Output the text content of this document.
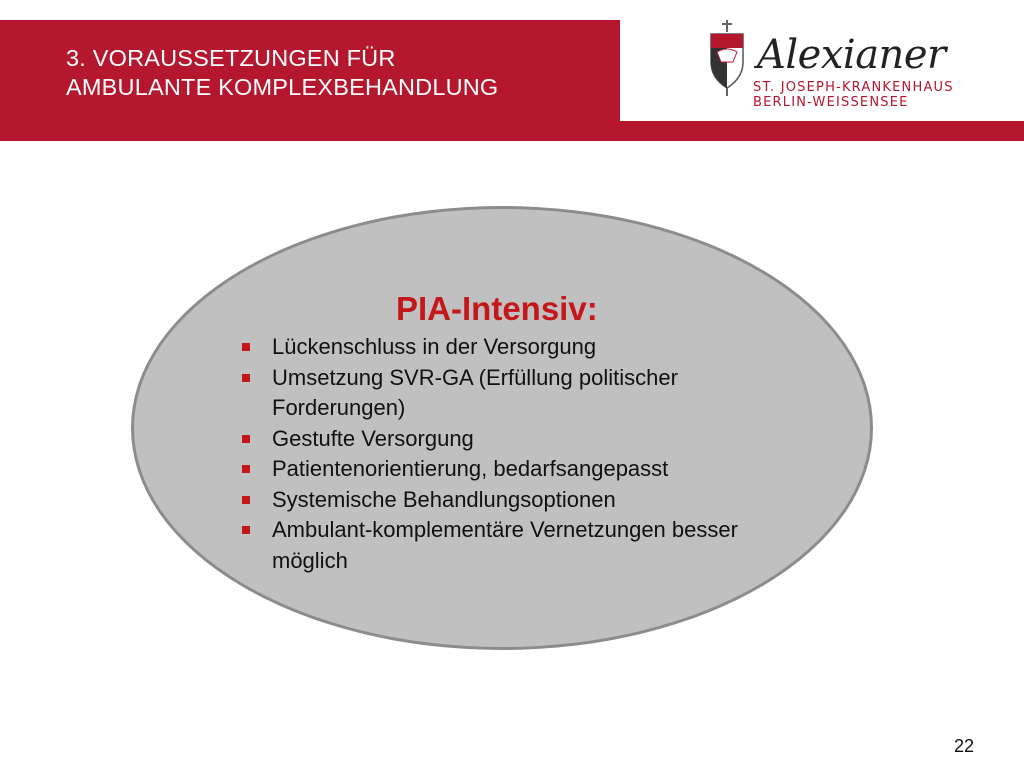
3. VORAUSSETZUNGEN FÜR
AMBULANTE KOMPLEXBEHANDLUNG
Alexianer
ST. JOSEPH-KRANKENHAUS
BERLIN-WEISSENSEE
PIA-Intensiv:
Lückenschluss in der Versorgung
Umsetzung SVR-GA (Erfüllung politischer Forderungen)
Gestufte Versorgung
Patientenorientierung, bedarfsangepasst
Systemische Behandlungsoptionen
Ambulant-komplementäre Vernetzungen besser möglich
22
